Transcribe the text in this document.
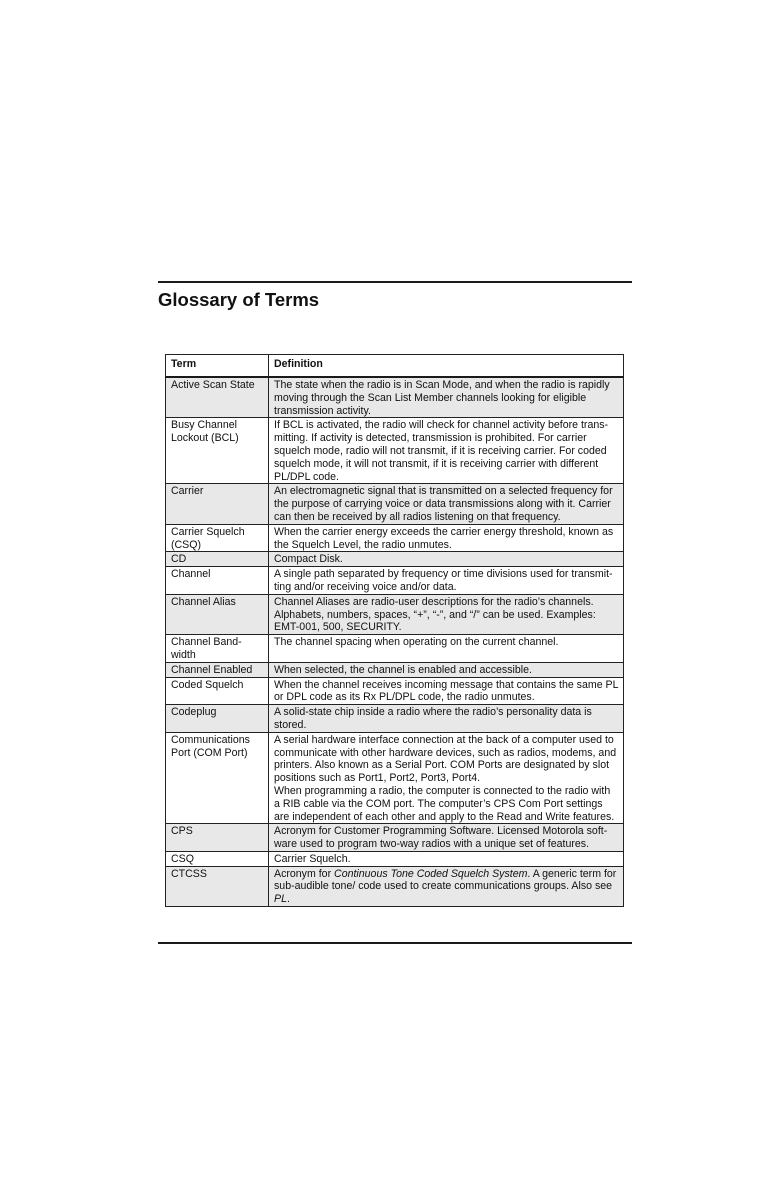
Glossary of Terms
Term	Definition
Active Scan State	The state when the radio is in Scan Mode, and when the radio is rapidly moving through the Scan List Member channels looking for eligible transmission activity.
Busy Channel Lockout (BCL)	If BCL is activated, the radio will check for channel activity before trans-mitting. If activity is detected, transmission is prohibited. For carrier squelch mode, radio will not transmit, if it is receiving carrier. For coded squelch mode, it will not transmit, if it is receiving carrier with different PL/DPL code.
Carrier	An electromagnetic signal that is transmitted on a selected frequency for the purpose of carrying voice or data transmissions along with it. Carrier can then be received by all radios listening on that frequency.
Carrier Squelch (CSQ)	When the carrier energy exceeds the carrier energy threshold, known as the Squelch Level, the radio unmutes.
CD	Compact Disk.
Channel	A single path separated by frequency or time divisions used for transmit-ting and/or receiving voice and/or data.
Channel Alias	Channel Aliases are radio-user descriptions for the radio’s channels. Alphabets, numbers, spaces, “+”, “-”, and “/” can be used. Examples: EMT-001, 500, SECURITY.
Channel Band-width	The channel spacing when operating on the current channel.
Channel Enabled	When selected, the channel is enabled and accessible.
Coded Squelch	When the channel receives incoming message that contains the same PL or DPL code as its Rx PL/DPL code, the radio unmutes.
Codeplug	A solid-state chip inside a radio where the radio’s personality data is stored.
Communications Port (COM Port)	A serial hardware interface connection at the back of a computer used to communicate with other hardware devices, such as radios, modems, and printers. Also known as a Serial Port. COM Ports are designated by slot positions such as Port1, Port2, Port3, Port4.
When programming a radio, the computer is connected to the radio with a RIB cable via the COM port. The computer’s CPS Com Port settings are independent of each other and apply to the Read and Write features.

CPS	Acronym for Customer Programming Software. Licensed Motorola soft-ware used to program two-way radios with a unique set of features.
CSQ	Carrier Squelch.
CTCSS	Acronym for Continuous Tone Coded Squelch System. A generic term for sub-audible tone/ code used to create communications groups. Also see PL.
